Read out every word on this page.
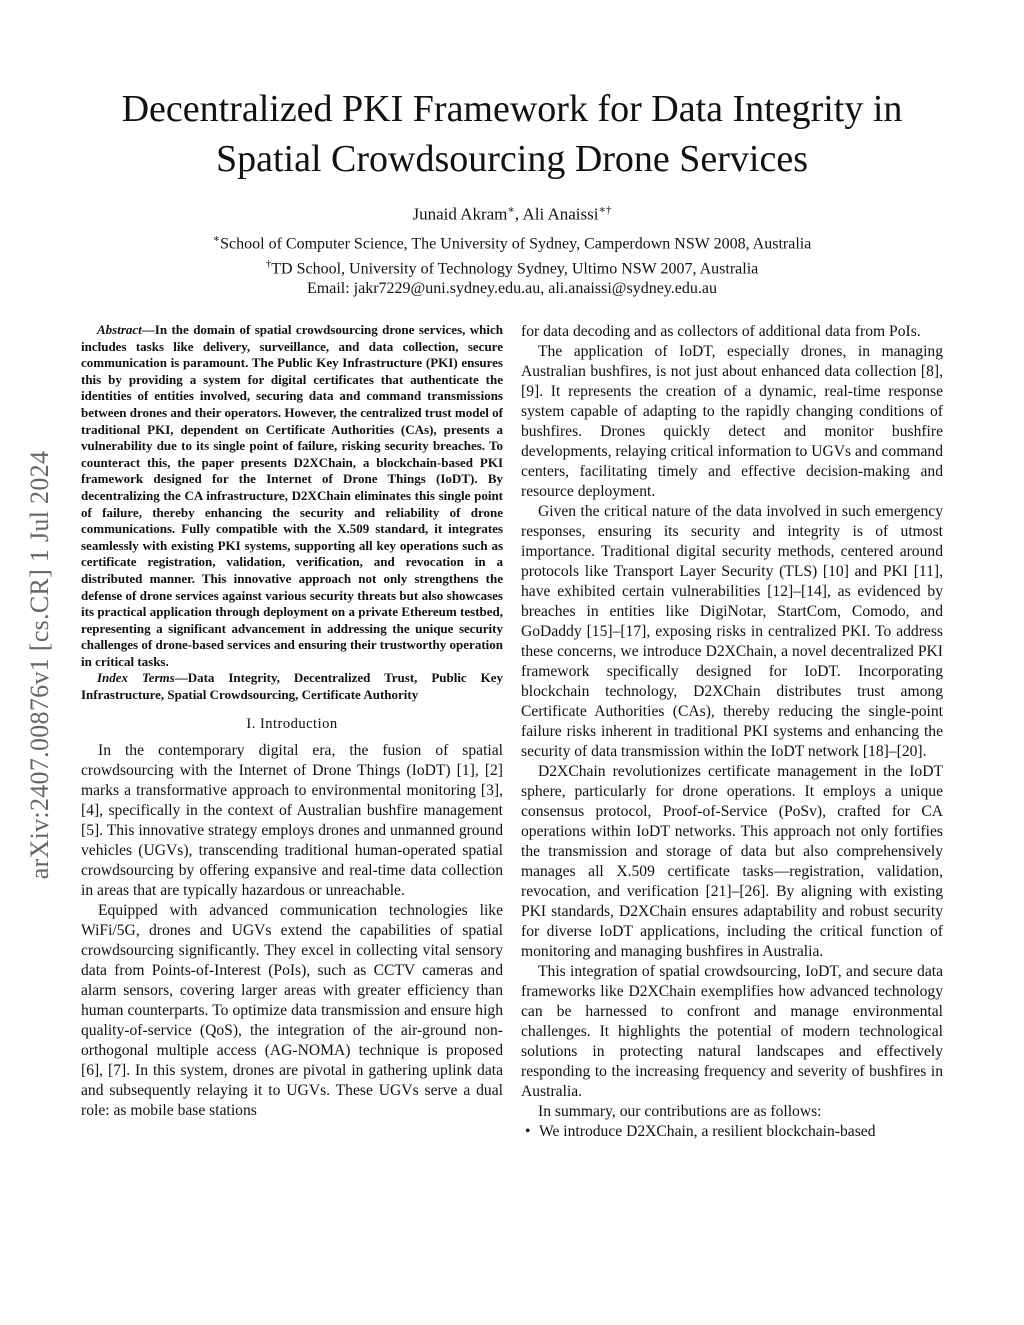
arXiv:2407.00876v1 [cs.CR] 1 Jul 2024
Decentralized PKI Framework for Data Integrity in
Spatial Crowdsourcing Drone Services
Junaid Akram∗, Ali Anaissi∗†
∗School of Computer Science, The University of Sydney, Camperdown NSW 2008, Australia
†TD School, University of Technology Sydney, Ultimo NSW 2007, Australia
Email: jakr7229@uni.sydney.edu.au, ali.anaissi@sydney.edu.au

Abstract—In the domain of spatial crowdsourcing drone services, which includes tasks like delivery, surveillance, and data collection, secure communication is paramount. The Public Key Infrastructure (PKI) ensures this by providing a system for digital certificates that authenticate the identities of entities involved, securing data and command transmissions between drones and their operators. However, the centralized trust model of traditional PKI, dependent on Certificate Authorities (CAs), presents a vulnerability due to its single point of failure, risking security breaches. To counteract this, the paper presents D2XChain, a blockchain-based PKI framework designed for the Internet of Drone Things (IoDT). By decentralizing the CA infrastructure, D2XChain eliminates this single point of failure, thereby enhancing the security and reliability of drone communications. Fully compatible with the X.509 standard, it integrates seamlessly with existing PKI systems, supporting all key operations such as certificate registration, validation, verification, and revocation in a distributed manner. This innovative approach not only strengthens the defense of drone services against various security threats but also showcases its practical application through deployment on a private Ethereum testbed, representing a significant advancement in addressing the unique security challenges of drone-based services and ensuring their trustworthy operation in critical tasks.

Index Terms—Data Integrity, Decentralized Trust, Public Key Infrastructure, Spatial Crowdsourcing, Certificate Authority

I. Introduction

In the contemporary digital era, the fusion of spatial crowdsourcing with the Internet of Drone Things (IoDT) [1], [2] marks a transformative approach to environmental monitoring [3], [4], specifically in the context of Australian bushfire management [5]. This innovative strategy employs drones and unmanned ground vehicles (UGVs), transcending traditional human-operated spatial crowdsourcing by offering expansive and real-time data collection in areas that are typically hazardous or unreachable.

Equipped with advanced communication technologies like WiFi/5G, drones and UGVs extend the capabilities of spatial crowdsourcing significantly. They excel in collecting vital sensory data from Points-of-Interest (PoIs), such as CCTV cameras and alarm sensors, covering larger areas with greater efficiency than human counterparts. To optimize data transmission and ensure high quality-of-service (QoS), the integration of the air-ground non-orthogonal multiple access (AG-NOMA) technique is proposed [6], [7]. In this system, drones are pivotal in gathering uplink data and subsequently relaying it to UGVs. These UGVs serve a dual role: as mobile base stations

for data decoding and as collectors of additional data from PoIs.

The application of IoDT, especially drones, in managing Australian bushfires, is not just about enhanced data collection [8], [9]. It represents the creation of a dynamic, real-time response system capable of adapting to the rapidly changing conditions of bushfires. Drones quickly detect and monitor bushfire developments, relaying critical information to UGVs and command centers, facilitating timely and effective decision-making and resource deployment.

Given the critical nature of the data involved in such emergency responses, ensuring its security and integrity is of utmost importance. Traditional digital security methods, centered around protocols like Transport Layer Security (TLS) [10] and PKI [11], have exhibited certain vulnerabilities [12]–[14], as evidenced by breaches in entities like DigiNotar, StartCom, Comodo, and GoDaddy [15]–[17], exposing risks in centralized PKI. To address these concerns, we introduce D2XChain, a novel decentralized PKI framework specifically designed for IoDT. Incorporating blockchain technology, D2XChain distributes trust among Certificate Authorities (CAs), thereby reducing the single-point failure risks inherent in traditional PKI systems and enhancing the security of data transmission within the IoDT network [18]–[20].

D2XChain revolutionizes certificate management in the IoDT sphere, particularly for drone operations. It employs a unique consensus protocol, Proof-of-Service (PoSv), crafted for CA operations within IoDT networks. This approach not only fortifies the transmission and storage of data but also comprehensively manages all X.509 certificate tasks—registration, validation, revocation, and verification [21]–[26]. By aligning with existing PKI standards, D2XChain ensures adaptability and robust security for diverse IoDT applications, including the critical function of monitoring and managing bushfires in Australia.

This integration of spatial crowdsourcing, IoDT, and secure data frameworks like D2XChain exemplifies how advanced technology can be harnessed to confront and manage environmental challenges. It highlights the potential of modern technological solutions in protecting natural landscapes and effectively responding to the increasing frequency and severity of bushfires in Australia.

In summary, our contributions are as follows:

• We introduce D2XChain, a resilient blockchain-based
